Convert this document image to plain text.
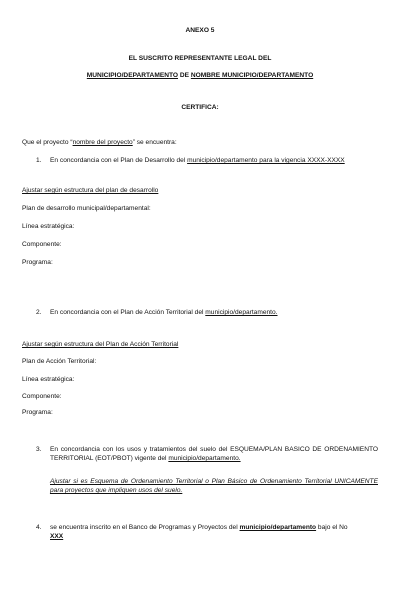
ANEXO 5
EL SUSCRITO REPRESENTANTE LEGAL DEL
MUNICIPIO/DEPARTAMENTO DE NOMBRE MUNICIPIO/DEPARTAMENTO
CERTIFICA:
Que el proyecto “nombre del proyecto” se encuentra:
1. En concordancia con el Plan de Desarrollo del municipio/departamento para la vigencia XXXX-XXXX
Ajustar según estructura del plan de desarrollo
Plan de desarrollo municipal/departamental:
Línea estratégica:
Componente:
Programa:
2. En concordancia con el Plan de Acción Territorial del municipio/departamento.
Ajustar según estructura del Plan de Acción Territorial
Plan de Acción Territorial:
Línea estratégica:
Componente:
Programa:
3. En concordancia con los usos y tratamientos del suelo del ESQUEMA/PLAN BASICO DE ORDENAMIENTO TERRITORIAL (EOT/PBOT) vigente del municipio/departamento.
Ajustar si es Esquema de Ordenamiento Territorial o Plan Básico de Ordenamiento Territorial UNICAMENTE para proyectos que impliquen usos del suelo.
4. se encuentra inscrito en el Banco de Programas y Proyectos del municipio/departamento bajo el No
XXX
